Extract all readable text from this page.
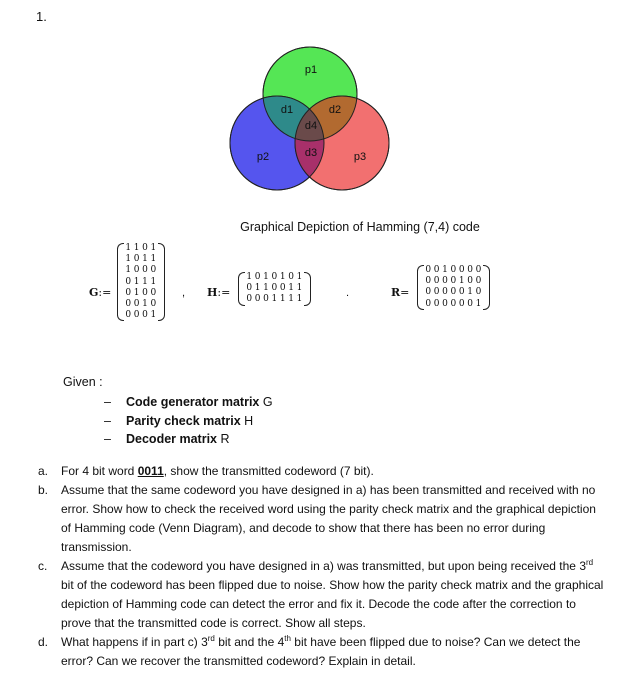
1.
p1
p2	p3
d1	d2
d4
d3
Graphical Depiction of Hamming (7,4) code
G:=
1 1 0 1
1 0 1 1
1 0 0 0
0 1 1 1
0 1 0 0
0 0 1 0
0 0 0 1
, H:=
1 0 1 0 1 0 1
0 1 1 0 0 1 1
0 0 0 1 1 1 1
.	R=
0 0 1 0 0 0 0
0 0 0 0 1 0 0
0 0 0 0 0 1 0
0 0 0 0 0 0 1
Given :
– Code generator matrix G
– Parity check matrix H
– Decoder matrix R
a.	For 4 bit word 0011, show the transmitted codeword (7 bit).
b.	Assume that the same codeword you have designed in a) has been transmitted and received with no error. Show how to check the received word using the parity check matrix and the graphical depiction of Hamming code (Venn Diagram), and decode to show that there has been no error during transmission.
c.	Assume that the codeword you have designed in a) was transmitted, but upon being received the 3rd bit of the codeword has been flipped due to noise. Show how the parity check matrix and the graphical depiction of Hamming code can detect the error and fix it. Decode the code after the correction to prove that the transmitted code is correct. Show all steps.
d.	What happens if in part c) 3rd bit and the 4th bit have been flipped due to noise? Can we detect the error? Can we recover the transmitted codeword? Explain in detail.
